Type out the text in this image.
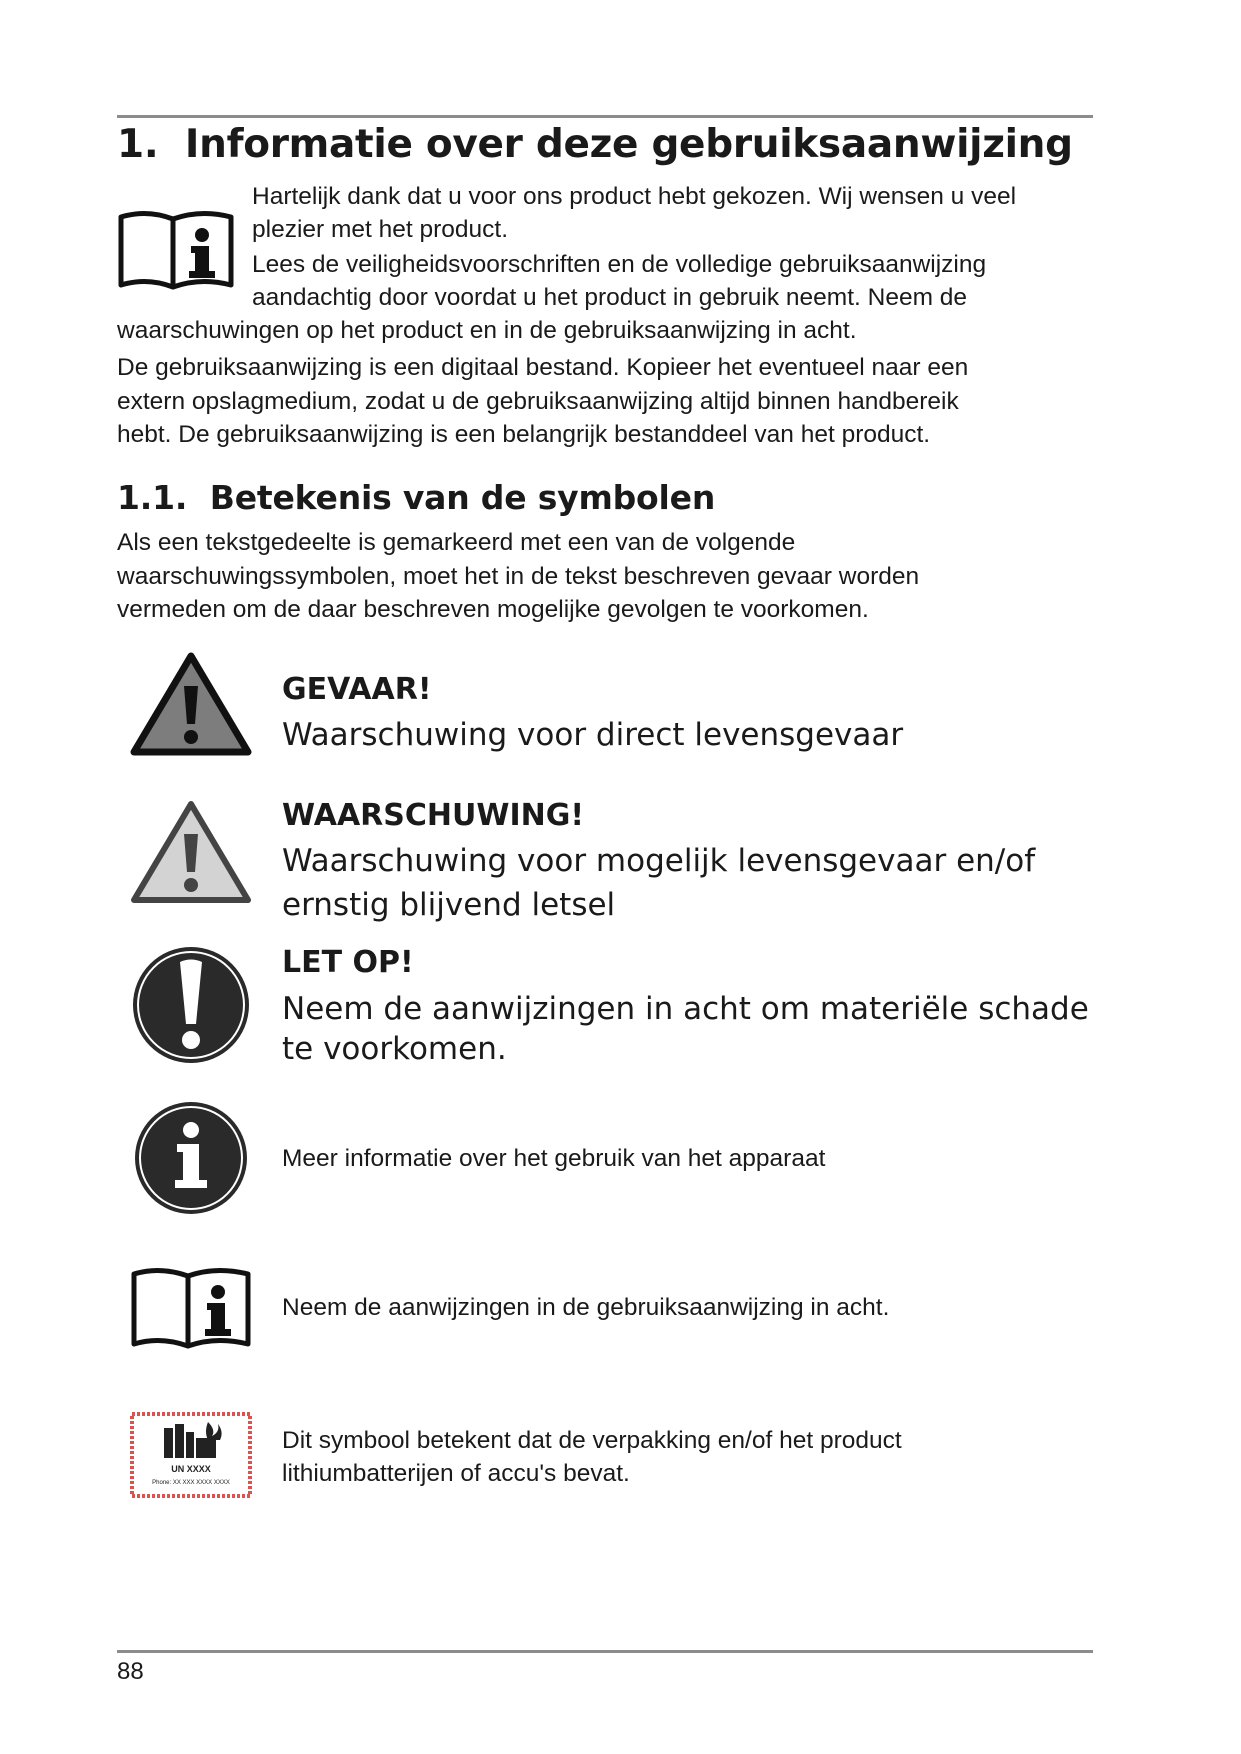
1.  Informatie over deze gebruiksaanwijzing
Hartelijk dank dat u voor ons product hebt gekozen. Wij wensen u veel
plezier met het product.
Lees de veiligheidsvoorschriften en de volledige gebruiksaanwijzing
aandachtig door voordat u het product in gebruik neemt. Neem de
waarschuwingen op het product en in de gebruiksaanwijzing in acht.
De gebruiksaanwijzing is een digitaal bestand. Kopieer het eventueel naar een
extern opslagmedium, zodat u de gebruiksaanwijzing altijd binnen handbereik
hebt. De gebruiksaanwijzing is een belangrijk bestanddeel van het product.
1.1.  Betekenis van de symbolen
Als een tekstgedeelte is gemarkeerd met een van de volgende
waarschuwingssymbolen, moet het in de tekst beschreven gevaar worden
vermeden om de daar beschreven mogelijke gevolgen te voorkomen.
GEVAAR!
Waarschuwing voor direct levensgevaar
WAARSCHUWING!
Waarschuwing voor mogelijk levensgevaar en/of
ernstig blijvend letsel
LET OP!
Neem de aanwijzingen in acht om materiële schade
te voorkomen.
Meer informatie over het gebruik van het apparaat
Neem de aanwijzingen in de gebruiksaanwijzing in acht.
UN XXXX
Phone: XX XXX XXXX XXXX
Dit symbool betekent dat de verpakking en/of het product
lithiumbatterijen of accu's bevat.
88
